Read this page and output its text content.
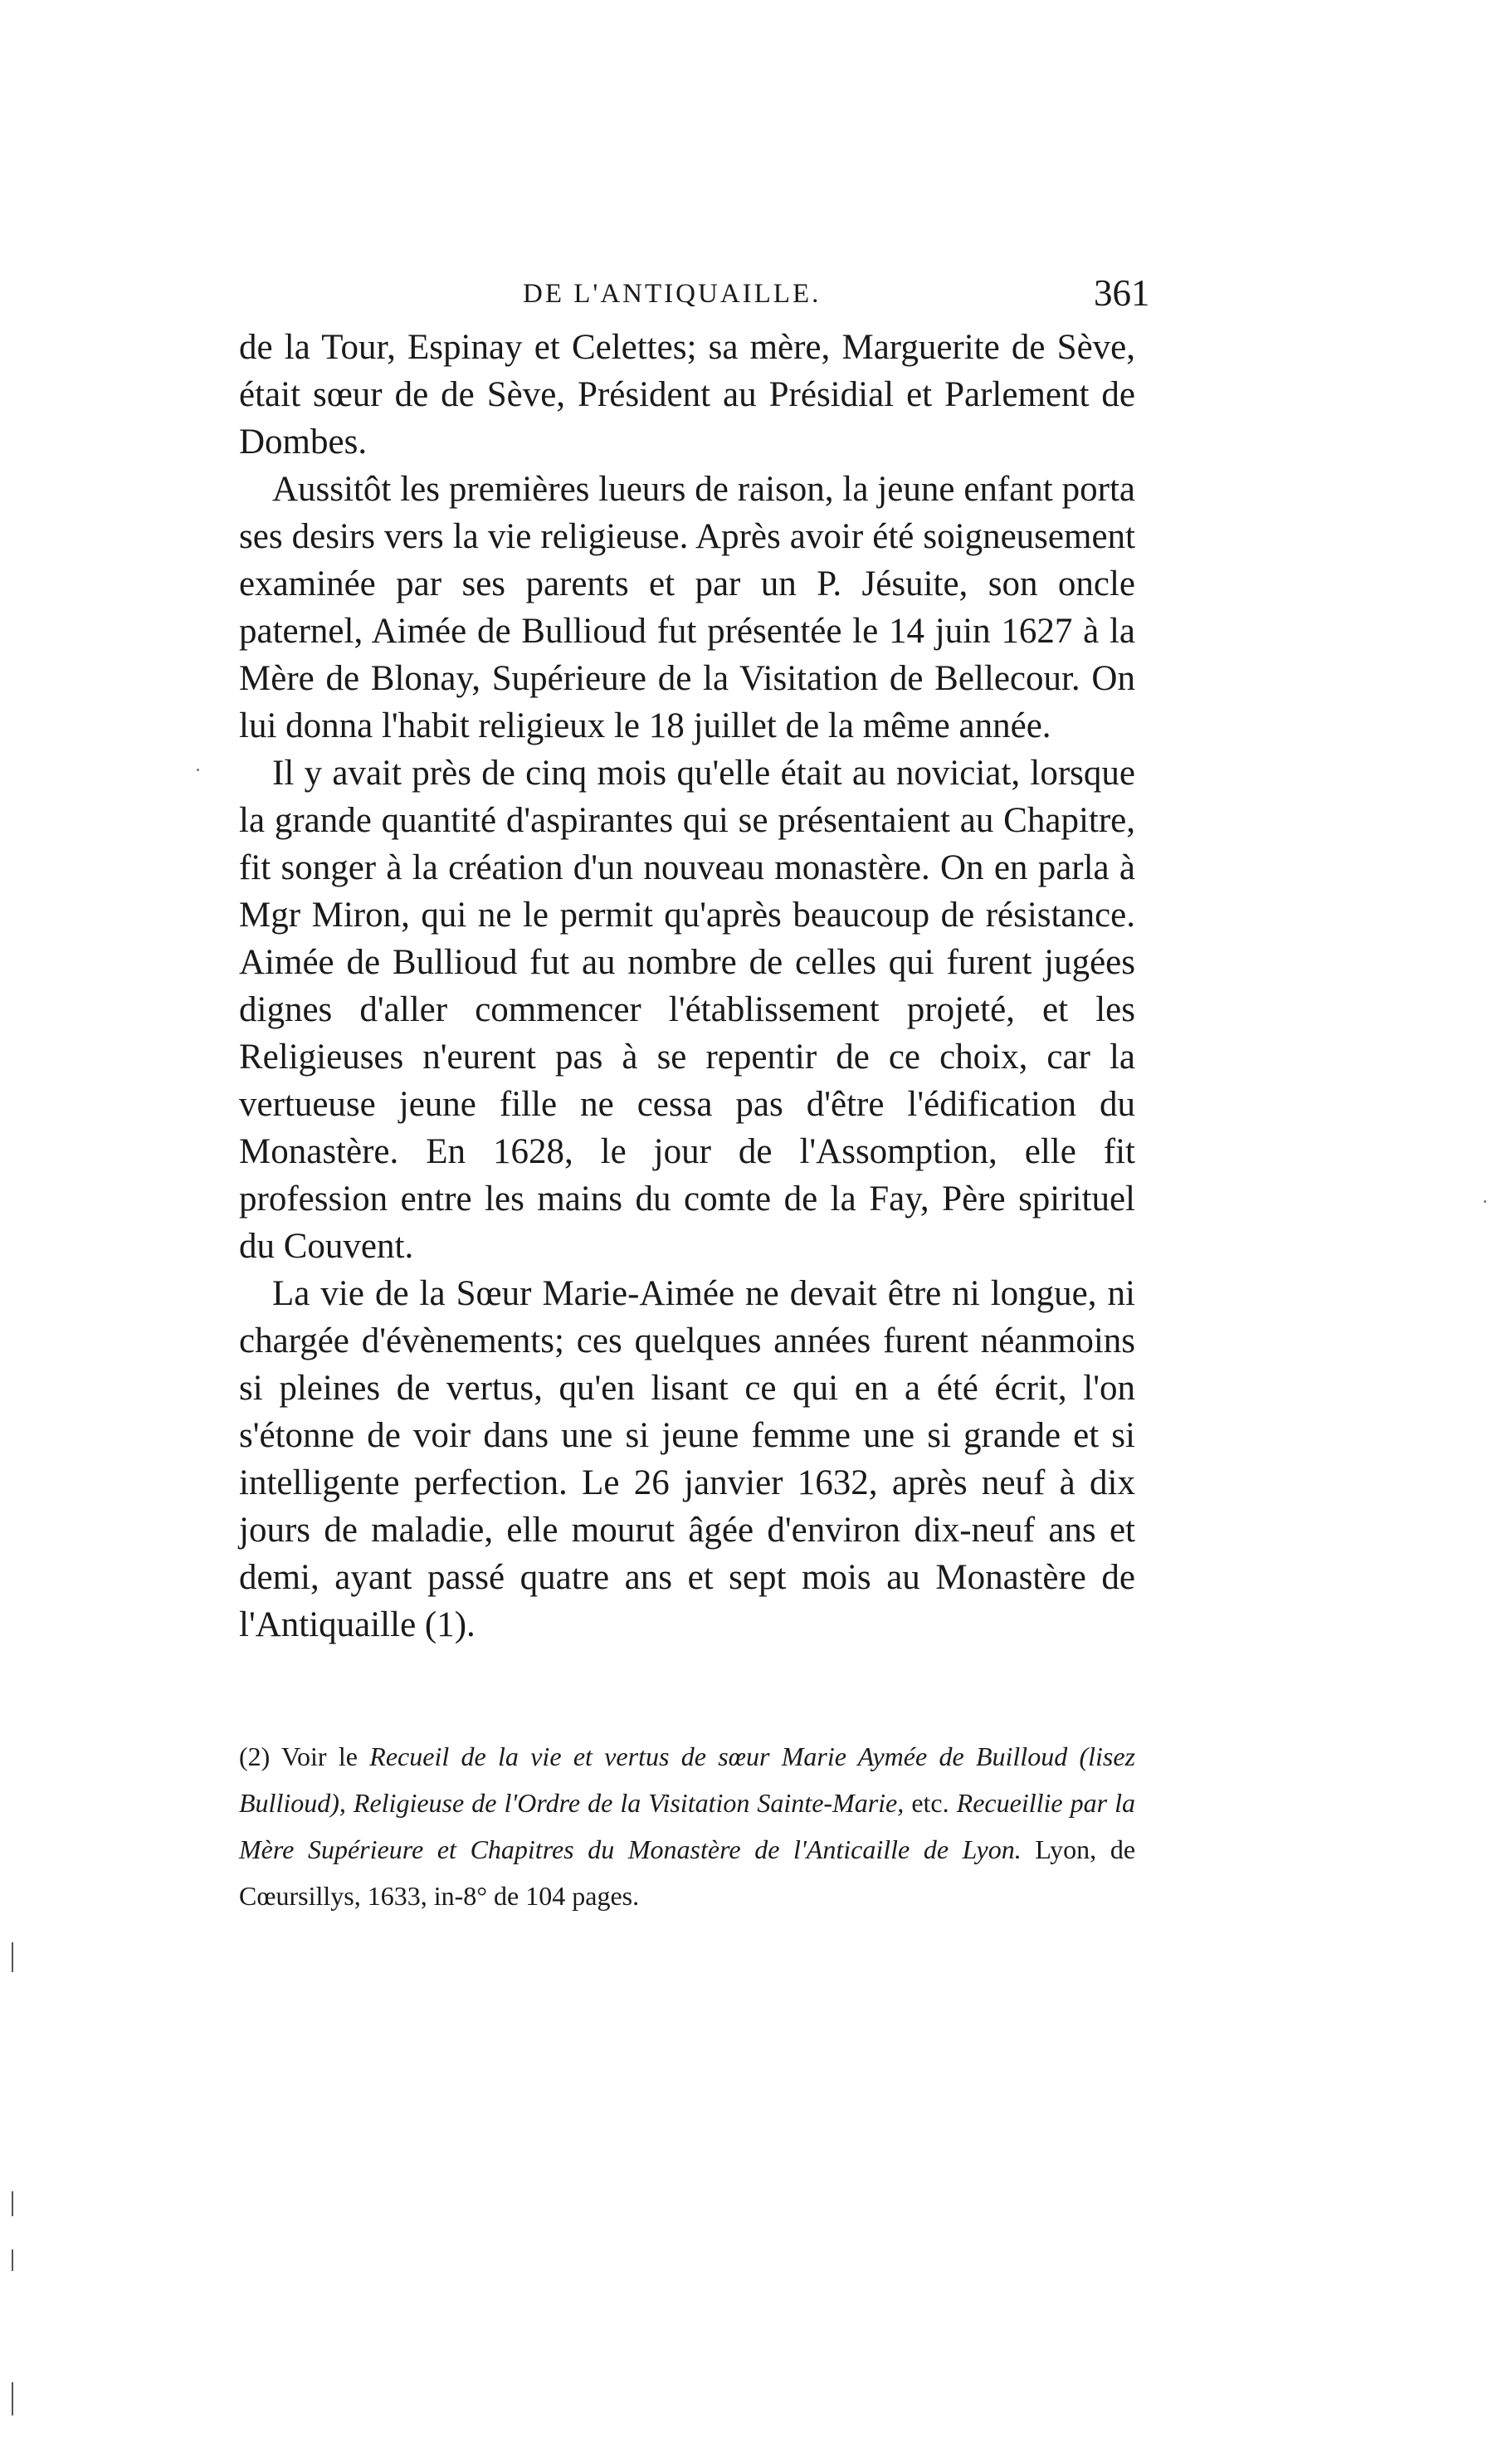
DE L'ANTIQUAILLE.	361

de la Tour, Espinay et Celettes; sa mère, Marguerite de Sève, était sœur de de Sève, Président au Présidial et Parlement de Dombes.

Aussitôt les premières lueurs de raison, la jeune enfant porta ses desirs vers la vie religieuse. Après avoir été soigneusement examinée par ses parents et par un P. Jésuite, son oncle paternel, Aimée de Bullioud fut présentée le 14 juin 1627 à la Mère de Blonay, Supérieure de la Visitation de Bellecour. On lui donna l'habit religieux le 18 juillet de la même année.

Il y avait près de cinq mois qu'elle était au noviciat, lorsque la grande quantité d'aspirantes qui se présentaient au Chapitre, fit songer à la création d'un nouveau monastère. On en parla à Mgr Miron, qui ne le permit qu'après beaucoup de résistance. Aimée de Bullioud fut au nombre de celles qui furent jugées dignes d'aller commencer l'établissement projeté, et les Religieuses n'eurent pas à se repentir de ce choix, car la vertueuse jeune fille ne cessa pas d'être l'édification du Monastère. En 1628, le jour de l'Assomption, elle fit profession entre les mains du comte de la Fay, Père spirituel du Couvent.

La vie de la Sœur Marie-Aimée ne devait être ni longue, ni chargée d'évènements; ces quelques années furent néanmoins si pleines de vertus, qu'en lisant ce qui en a été écrit, l'on s'étonne de voir dans une si jeune femme une si grande et si intelligente perfection. Le 26 janvier 1632, après neuf à dix jours de maladie, elle mourut âgée d'environ dix-neuf ans et demi, ayant passé quatre ans et sept mois au Monastère de l'Antiquaille (1).

(2) Voir le Recueil de la vie et vertus de sœur Marie Aymée de Builloud (lisez Bullioud), Religieuse de l'Ordre de la Visitation Sainte-Marie, etc. Recueillie par la Mère Supérieure et Chapitres du Monastère de l'Anticaille de Lyon. Lyon, de Cœursillys, 1633, in-8° de 104 pages.
